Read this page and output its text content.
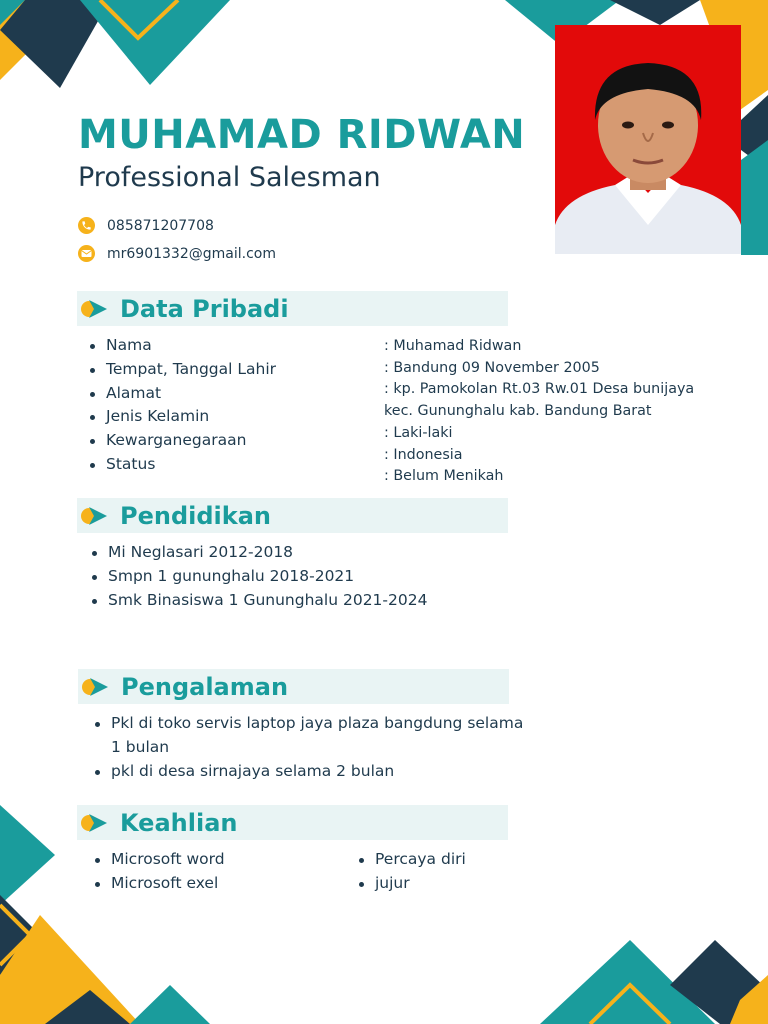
MUHAMAD RIDWAN
Professional Salesman
085871207708
mr6901332@gmail.com
Data Pribadi
Nama
Tempat, Tanggal Lahir
Alamat
Jenis Kelamin
Kewarganegaraan
Status
: Muhamad Ridwan
: Bandung 09 November 2005
: kp. Pamokolan Rt.03 Rw.01 Desa bunijaya
kec. Gununghalu kab. Bandung Barat
: Laki-laki
: Indonesia
: Belum Menikah
Pendidikan
Mi Neglasari 2012-2018
Smpn 1 gununghalu 2018-2021
Smk Binasiswa 1 Gununghalu 2021-2024
Pengalaman
Pkl di toko servis laptop jaya plaza bangdung selama 1 bulan
pkl di desa sirnajaya selama 2 bulan
Keahlian
Microsoft word
Microsoft exel
Percaya diri
jujur
